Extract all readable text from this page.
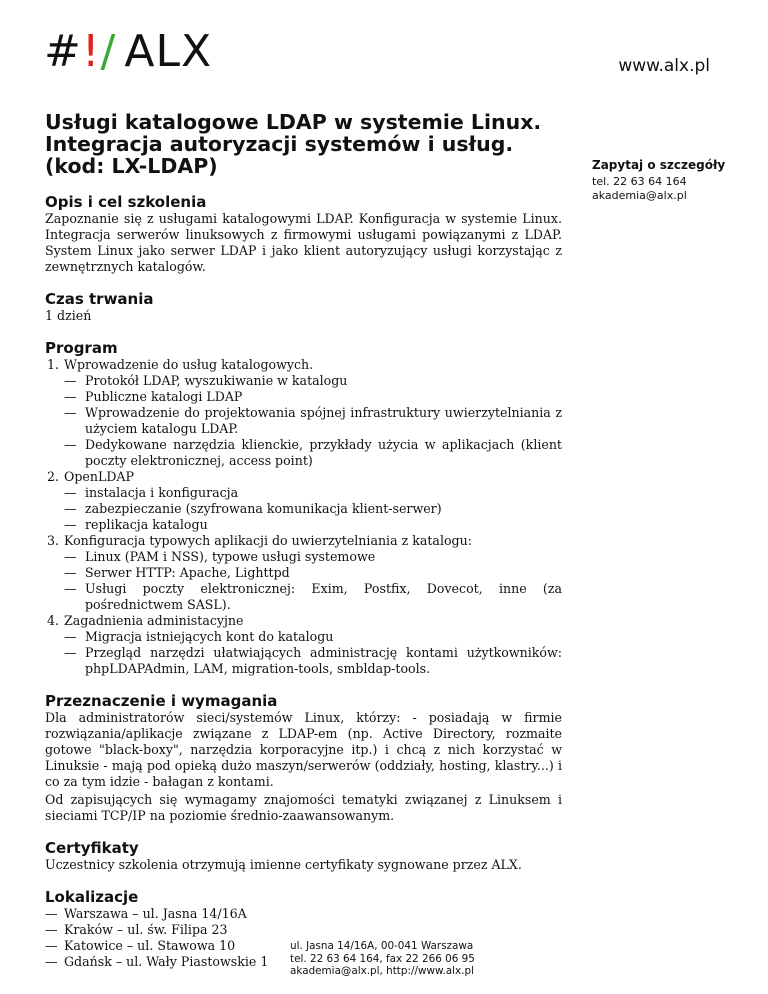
#!/ ALX	www.alx.pl
Usługi katalogowe LDAP w systemie Linux.
Integracja autoryzacji systemów i usług.
(kod: LX-LDAP)
Opis i cel szkolenia

Zapoznanie się z usługami katalogowymi LDAP. Konfiguracja w systemie Linux. Integracja serwerów linuksowych z firmowymi usługami powiązanymi z LDAP. System Linux jako serwer LDAP i jako klient autoryzujący usługi korzystając z zewnętrznych katalogów.

Czas trwania

1 dzień

Program
1. Wprowadzenie do usług katalogowych.
— Protokół LDAP, wyszukiwanie w katalogu
— Publiczne katalogi LDAP
— Wprowadzenie do projektowania spójnej infrastruktury uwierzytelniania z użyciem katalogu LDAP.
— Dedykowane narzędzia klienckie, przykłady użycia w aplikacjach (klient poczty elektronicznej, access point)
2. OpenLDAP
— instalacja i konfiguracja
— zabezpieczanie (szyfrowana komunikacja klient-serwer)
— replikacja katalogu
3. Konfiguracja typowych aplikacji do uwierzytelniania z katalogu:
— Linux (PAM i NSS), typowe usługi systemowe
— Serwer HTTP: Apache, Lighttpd
— Usługi poczty elektronicznej: Exim, Postfix, Dovecot, inne (za pośrednictwem SASL).
4. Zagadnienia administacyjne
— Migracja istniejących kont do katalogu
— Przegląd narzędzi ułatwiających administrację kontami użytkowników: phpLDAPAdmin, LAM, migration-tools, smbldap-tools.
Przeznaczenie i wymagania

Dla administratorów sieci/systemów Linux, którzy: - posiadają w firmie rozwiązania/aplikacje związane z LDAP-em (np. Active Directory, rozmaite gotowe "black-boxy", narzędzia korporacyjne itp.) i chcą z nich korzystać w Linuksie - mają pod opieką dużo maszyn/serwerów (oddziały, hosting, klastry...) i co za tym idzie - bałagan z kontami.

Od zapisujących się wymagamy znajomości tematyki związanej z Linuksem i sieciami TCP/IP na poziomie średnio-zaawansowanym.

Certyfikaty

Uczestnicy szkolenia otrzymują imienne certyfikaty sygnowane przez ALX.

Lokalizacje
— Warszawa – ul. Jasna 14/16A
— Kraków – ul. św. Filipa 23
— Katowice – ul. Stawowa 10
— Gdańsk – ul. Wały Piastowskie 1
Zapytaj o szczegóły
tel. 22 63 64 164
akademia@alx.pl
ul. Jasna 14/16A, 00-041 Warszawa
tel. 22 63 64 164, fax 22 266 06 95
akademia@alx.pl, http://www.alx.pl
